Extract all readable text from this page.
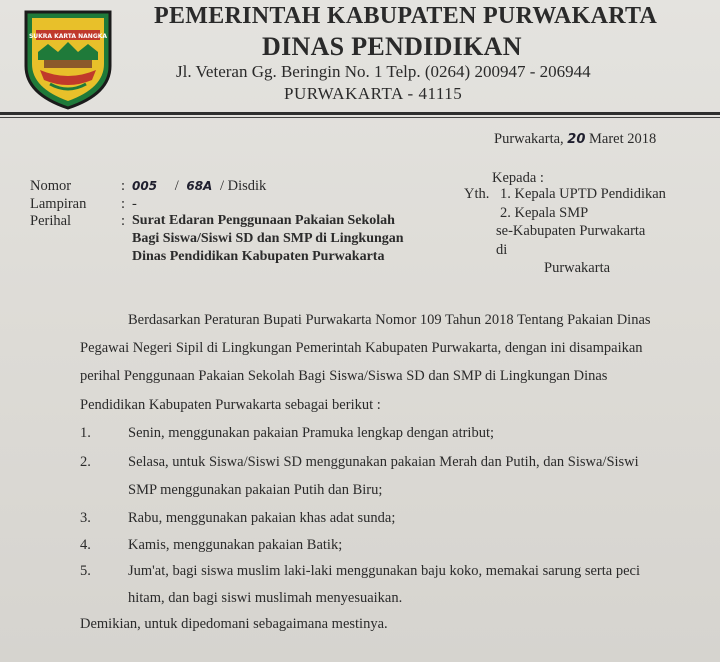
SUKRA KARTA NANGKA
PEMERINTAH KABUPATEN PURWAKARTA
DINAS PENDIDIKAN
Jl. Veteran Gg. Beringin No. 1 Telp. (0264) 200947 - 206944
PURWAKARTA - 41115
Purwakarta, 20 Maret 2018
Kepada :
Yth. 1. Kepala UPTD Pendidikan
2. Kepala SMP
se-Kabupaten Purwakarta
di
Purwakarta
Nomor	: 005 / 68A / Disdik
Lampiran : -
Perihal	: Surat Edaran Penggunaan Pakaian Sekolah
Bagi Siswa/Siswi SD dan SMP di Lingkungan
Dinas Pendidikan Kabupaten Purwakarta
Berdasarkan Peraturan Bupati Purwakarta Nomor 109 Tahun 2018 Tentang Pakaian Dinas
Pegawai Negeri Sipil di Lingkungan Pemerintah Kabupaten Purwakarta, dengan ini disampaikan
perihal Penggunaan Pakaian Sekolah Bagi Siswa/Siswa SD dan SMP di Lingkungan Dinas
Pendidikan Kabupaten Purwakarta sebagai berikut :
1.	Senin, menggunakan pakaian Pramuka lengkap dengan atribut;
2.	Selasa, untuk Siswa/Siswi SD menggunakan pakaian Merah dan Putih, dan Siswa/Siswi
SMP menggunakan pakaian Putih dan Biru;
3.	Rabu, menggunakan pakaian khas adat sunda;
4.	Kamis, menggunakan pakaian Batik;
5.	Jum'at, bagi siswa muslim laki-laki menggunakan baju koko, memakai sarung serta peci
hitam, dan bagi siswi muslimah menyesuaikan.
Demikian, untuk dipedomani sebagaimana mestinya.
